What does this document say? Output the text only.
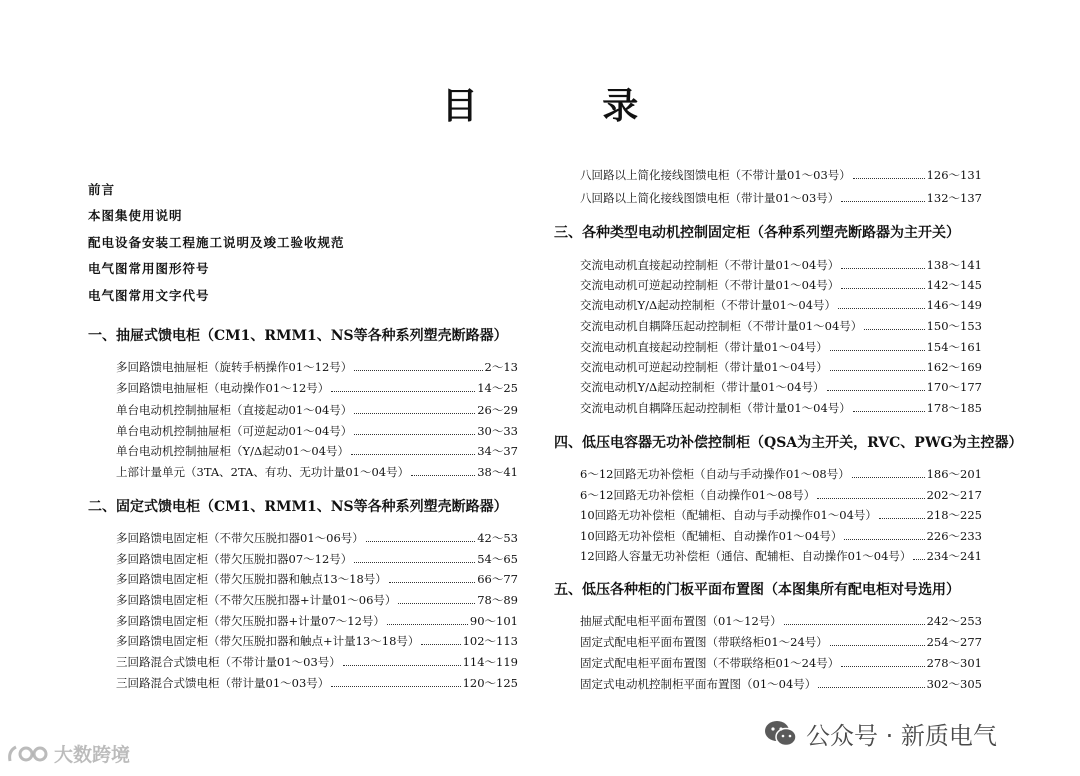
目 录
前言
本图集使用说明
配电设备安装工程施工说明及竣工验收规范
电气图常用图形符号
电气图常用文字代号
一、抽屉式馈电柜（CM1、RMM1、NS等各种系列塑壳断路器）
多回路馈电抽屉柜（旋转手柄操作01～12号）	2～13
多回路馈电抽屉柜（电动操作01～12号）	14～25
单台电动机控制抽屉柜（直接起动01～04号）	26～29
单台电动机控制抽屉柜（可逆起动01～04号）	30～33
单台电动机控制抽屉柜（Y/Δ起动01～04号）	34～37
上部计量单元（3TA、2TA、有功、无功计量01～04号）	38～41
二、固定式馈电柜（CM1、RMM1、NS等各种系列塑壳断路器）
多回路馈电固定柜（不带欠压脱扣器01～06号）	42～53
多回路馈电固定柜（带欠压脱扣器07～12号）	54～65
多回路馈电固定柜（带欠压脱扣器和触点13～18号）	66～77
多回路馈电固定柜（不带欠压脱扣器+计量01～06号）	78～89
多回路馈电固定柜（带欠压脱扣器+计量07～12号）	90～101
多回路馈电固定柜（带欠压脱扣器和触点+计量13～18号）	102～113
三回路混合式馈电柜（不带计量01～03号）	114～119
三回路混合式馈电柜（带计量01～03号）	120～125
八回路以上简化接线图馈电柜（不带计量01～03号）	126～131
八回路以上简化接线图馈电柜（带计量01～03号）	132～137
三、各种类型电动机控制固定柜（各种系列塑壳断路器为主开关）
交流电动机直接起动控制柜（不带计量01～04号）	138～141
交流电动机可逆起动控制柜（不带计量01～04号）	142～145
交流电动机Y/Δ起动控制柜（不带计量01～04号）	146～149
交流电动机自耦降压起动控制柜（不带计量01～04号）	150～153
交流电动机直接起动控制柜（带计量01～04号）	154～161
交流电动机可逆起动控制柜（带计量01～04号）	162～169
交流电动机Y/Δ起动控制柜（带计量01～04号）	170～177
交流电动机自耦降压起动控制柜（带计量01～04号）	178～185
四、低压电容器无功补偿控制柜（QSA为主开关，RVC、PWG为主控器）
6～12回路无功补偿柜（自动与手动操作01～08号）	186～201
6～12回路无功补偿柜（自动操作01～08号）	202～217
10回路无功补偿柜（配辅柜、自动与手动操作01～04号）	218～225
10回路无功补偿柜（配辅柜、自动操作01～04号）	226～233
12回路人容量无功补偿柜（通信、配辅柜、自动操作01～04号） 234～241
五、低压各种柜的门板平面布置图（本图集所有配电柜对号选用）
抽屉式配电柜平面布置图（01～12号）	242～253
固定式配电柜平面布置图（带联络柜01～24号）	254～277
固定式配电柜平面布置图（不带联络柜01～24号）	278～301
固定式电动机控制柜平面布置图（01～04号）	302～305
公众号 · 新质电气
大数跨境
